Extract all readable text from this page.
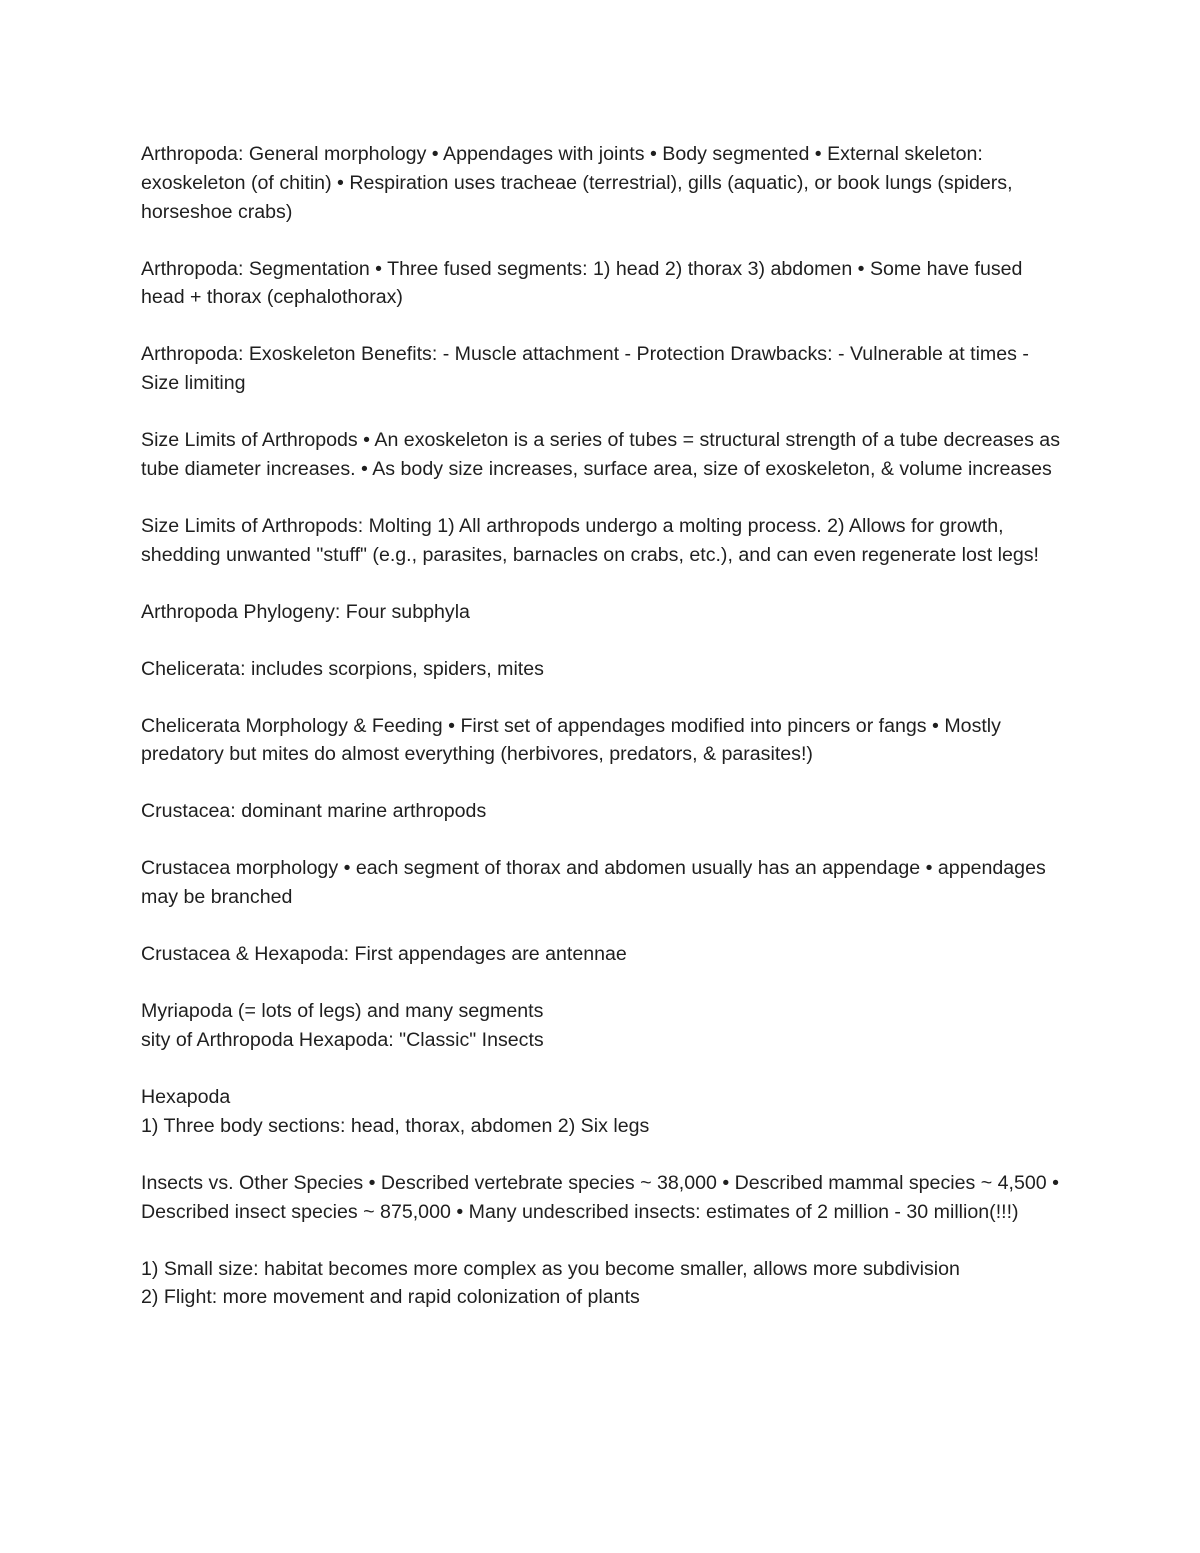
Arthropoda: General morphology • Appendages with joints • Body segmented • External skeleton: exoskeleton (of chitin) • Respiration uses tracheae (terrestrial), gills (aquatic), or book lungs (spiders, horseshoe crabs)

Arthropoda: Segmentation • Three fused segments: 1) head 2) thorax 3) abdomen • Some have fused head + thorax (cephalothorax)

Arthropoda: Exoskeleton Benefits: - Muscle attachment - Protection Drawbacks: - Vulnerable at times - Size limiting

Size Limits of Arthropods • An exoskeleton is a series of tubes = structural strength of a tube decreases as tube diameter increases. • As body size increases, surface area, size of exoskeleton, & volume increases

Size Limits of Arthropods: Molting 1) All arthropods undergo a molting process. 2) Allows for growth, shedding unwanted "stuff" (e.g., parasites, barnacles on crabs, etc.), and can even regenerate lost legs!

Arthropoda Phylogeny: Four subphyla

Chelicerata: includes scorpions, spiders, mites

Chelicerata Morphology & Feeding • First set of appendages modified into pincers or fangs • Mostly predatory but mites do almost everything (herbivores, predators, & parasites!)

Crustacea: dominant marine arthropods

Crustacea morphology • each segment of thorax and abdomen usually has an appendage • appendages may be branched

Crustacea & Hexapoda: First appendages are antennae

Myriapoda (= lots of legs) and many segments
sity of Arthropoda Hexapoda: "Classic" Insects

Hexapoda
1) Three body sections: head, thorax, abdomen 2) Six legs

Insects vs. Other Species • Described vertebrate species ~ 38,000 • Described mammal species ~ 4,500 • Described insect species ~ 875,000 • Many undescribed insects: estimates of 2 million - 30 million(!!!)

1) Small size: habitat becomes more complex as you become smaller, allows more subdivision
2) Flight: more movement and rapid colonization of plants
